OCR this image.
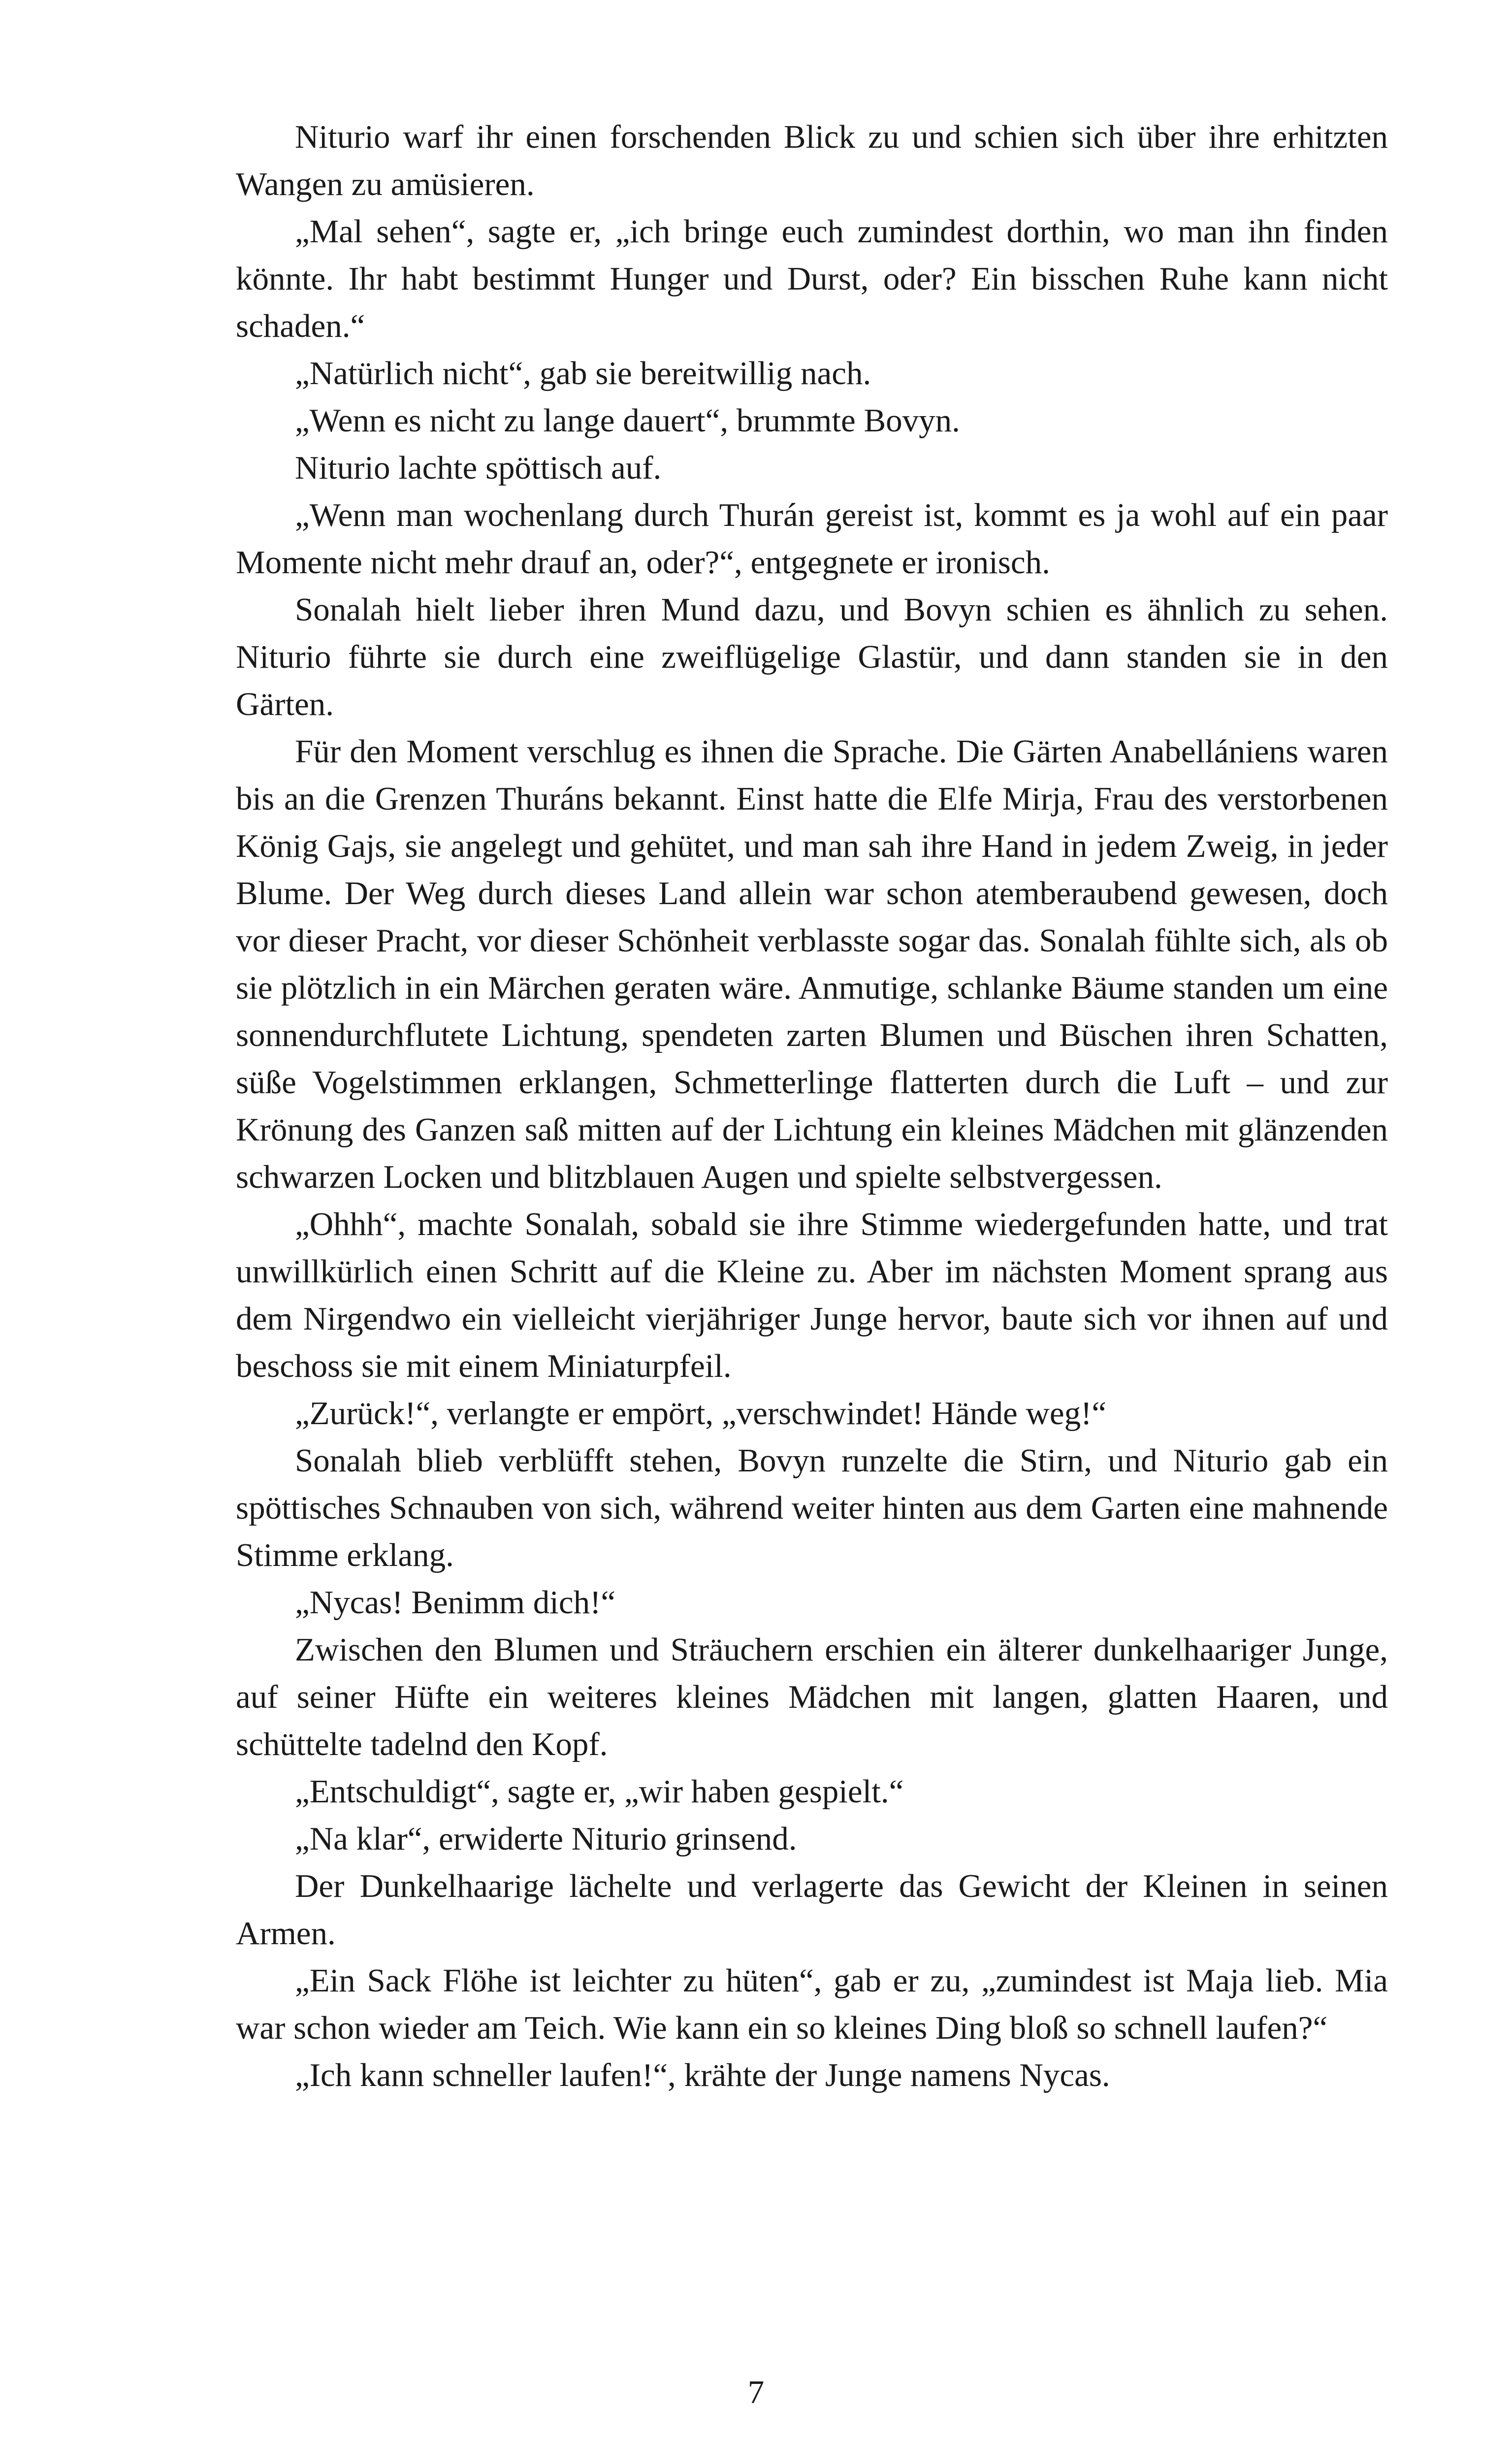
Niturio warf ihr einen forschenden Blick zu und schien sich über ihre erhitzten Wangen zu amüsieren.

„Mal sehen“, sagte er, „ich bringe euch zumindest dorthin, wo man ihn finden könnte. Ihr habt bestimmt Hunger und Durst, oder? Ein bisschen Ruhe kann nicht schaden.“

„Natürlich nicht“, gab sie bereitwillig nach.

„Wenn es nicht zu lange dauert“, brummte Bovyn.

Niturio lachte spöttisch auf.

„Wenn man wochenlang durch Thurán gereist ist, kommt es ja wohl auf ein paar Momente nicht mehr drauf an, oder?“, entgegnete er ironisch.

Sonalah hielt lieber ihren Mund dazu, und Bovyn schien es ähnlich zu sehen. Niturio führte sie durch eine zweiflügelige Glastür, und dann standen sie in den Gärten.

Für den Moment verschlug es ihnen die Sprache. Die Gärten Anabellániens waren bis an die Grenzen Thuráns bekannt. Einst hatte die Elfe Mirja, Frau des verstorbenen König Gajs, sie angelegt und gehütet, und man sah ihre Hand in jedem Zweig, in jeder Blume. Der Weg durch dieses Land allein war schon atemberaubend gewesen, doch vor dieser Pracht, vor dieser Schönheit verblasste sogar das. Sonalah fühlte sich, als ob sie plötzlich in ein Märchen geraten wäre. Anmutige, schlanke Bäume standen um eine sonnendurchflutete Lichtung, spendeten zarten Blumen und Büschen ihren Schatten, süße Vogelstimmen erklangen, Schmetterlinge flatterten durch die Luft – und zur Krönung des Ganzen saß mitten auf der Lichtung ein kleines Mädchen mit glänzenden schwarzen Locken und blitzblauen Augen und spielte selbstvergessen.

„Ohhh“, machte Sonalah, sobald sie ihre Stimme wiedergefunden hatte, und trat unwillkürlich einen Schritt auf die Kleine zu. Aber im nächsten Moment sprang aus dem Nirgendwo ein vielleicht vierjähriger Junge hervor, baute sich vor ihnen auf und beschoss sie mit einem Miniaturpfeil.

„Zurück!“, verlangte er empört, „verschwindet! Hände weg!“

Sonalah blieb verblüfft stehen, Bovyn runzelte die Stirn, und Niturio gab ein spöttisches Schnauben von sich, während weiter hinten aus dem Garten eine mahnende Stimme erklang.

„Nycas! Benimm dich!“

Zwischen den Blumen und Sträuchern erschien ein älterer dunkelhaariger Junge, auf seiner Hüfte ein weiteres kleines Mädchen mit langen, glatten Haaren, und schüttelte tadelnd den Kopf.

„Entschuldigt“, sagte er, „wir haben gespielt.“

„Na klar“, erwiderte Niturio grinsend.

Der Dunkelhaarige lächelte und verlagerte das Gewicht der Kleinen in seinen Armen.

„Ein Sack Flöhe ist leichter zu hüten“, gab er zu, „zumindest ist Maja lieb. Mia war schon wieder am Teich. Wie kann ein so kleines Ding bloß so schnell laufen?“

„Ich kann schneller laufen!“, krähte der Junge namens Nycas.

7
